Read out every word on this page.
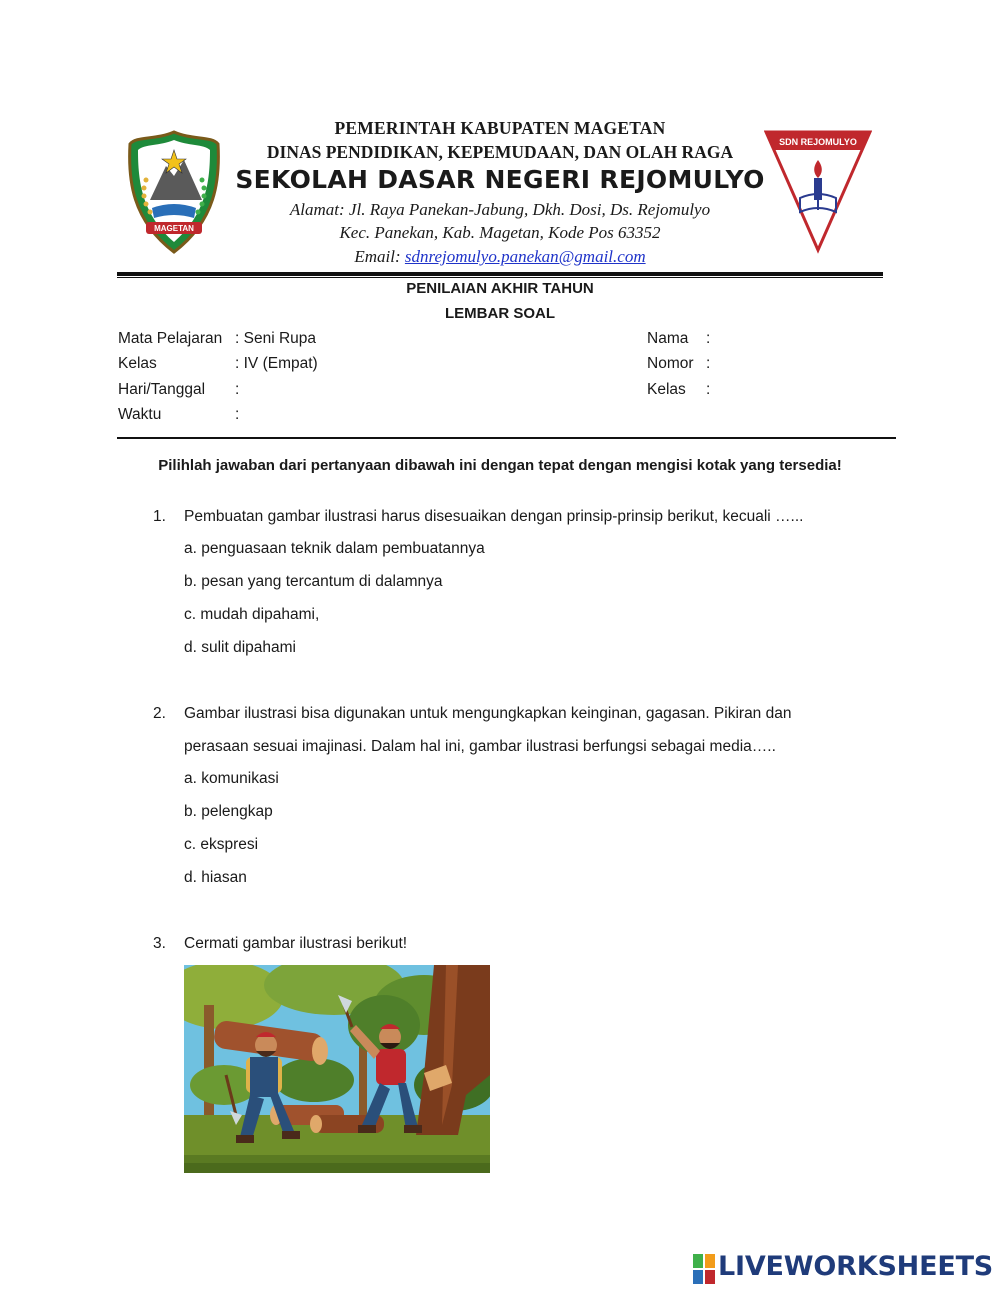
MAGETAN
PEMERINTAH KABUPATEN MAGETAN
DINAS PENDIDIKAN, KEPEMUDAAN, DAN OLAH RAGA
SEKOLAH DASAR NEGERI REJOMULYO
Alamat: Jl. Raya Panekan-Jabung, Dkh. Dosi, Ds. Rejomulyo
Kec. Panekan, Kab. Magetan, Kode Pos 63352
Email: sdnrejomulyo.panekan@gmail.com
SDN REJOMULYO
PENILAIAN AKHIR TAHUN
LEMBAR SOAL
Mata Pelajaran : Seni Rupa
Kelas	: IV (Empat)
Hari/Tanggal :
Waktu	:
Nama :
Nomor :
Kelas :
Pilihlah jawaban dari pertanyaan dibawah ini dengan tepat dengan mengisi kotak yang tersedia!
1. Pembuatan gambar ilustrasi harus disesuaikan dengan prinsip-prinsip berikut, kecuali …...
a. penguasaan teknik dalam pembuatannya
b. pesan yang tercantum di dalamnya
c. mudah dipahami,
d. sulit dipahami
2. Gambar ilustrasi bisa digunakan untuk mengungkapkan keinginan, gagasan. Pikiran dan
perasaan sesuai imajinasi. Dalam hal ini, gambar ilustrasi berfungsi sebagai media…..
a. komunikasi
b. pelengkap
c. ekspresi
d. hiasan
3. Cermati gambar ilustrasi berikut!
LIVEWORKSHEETS
